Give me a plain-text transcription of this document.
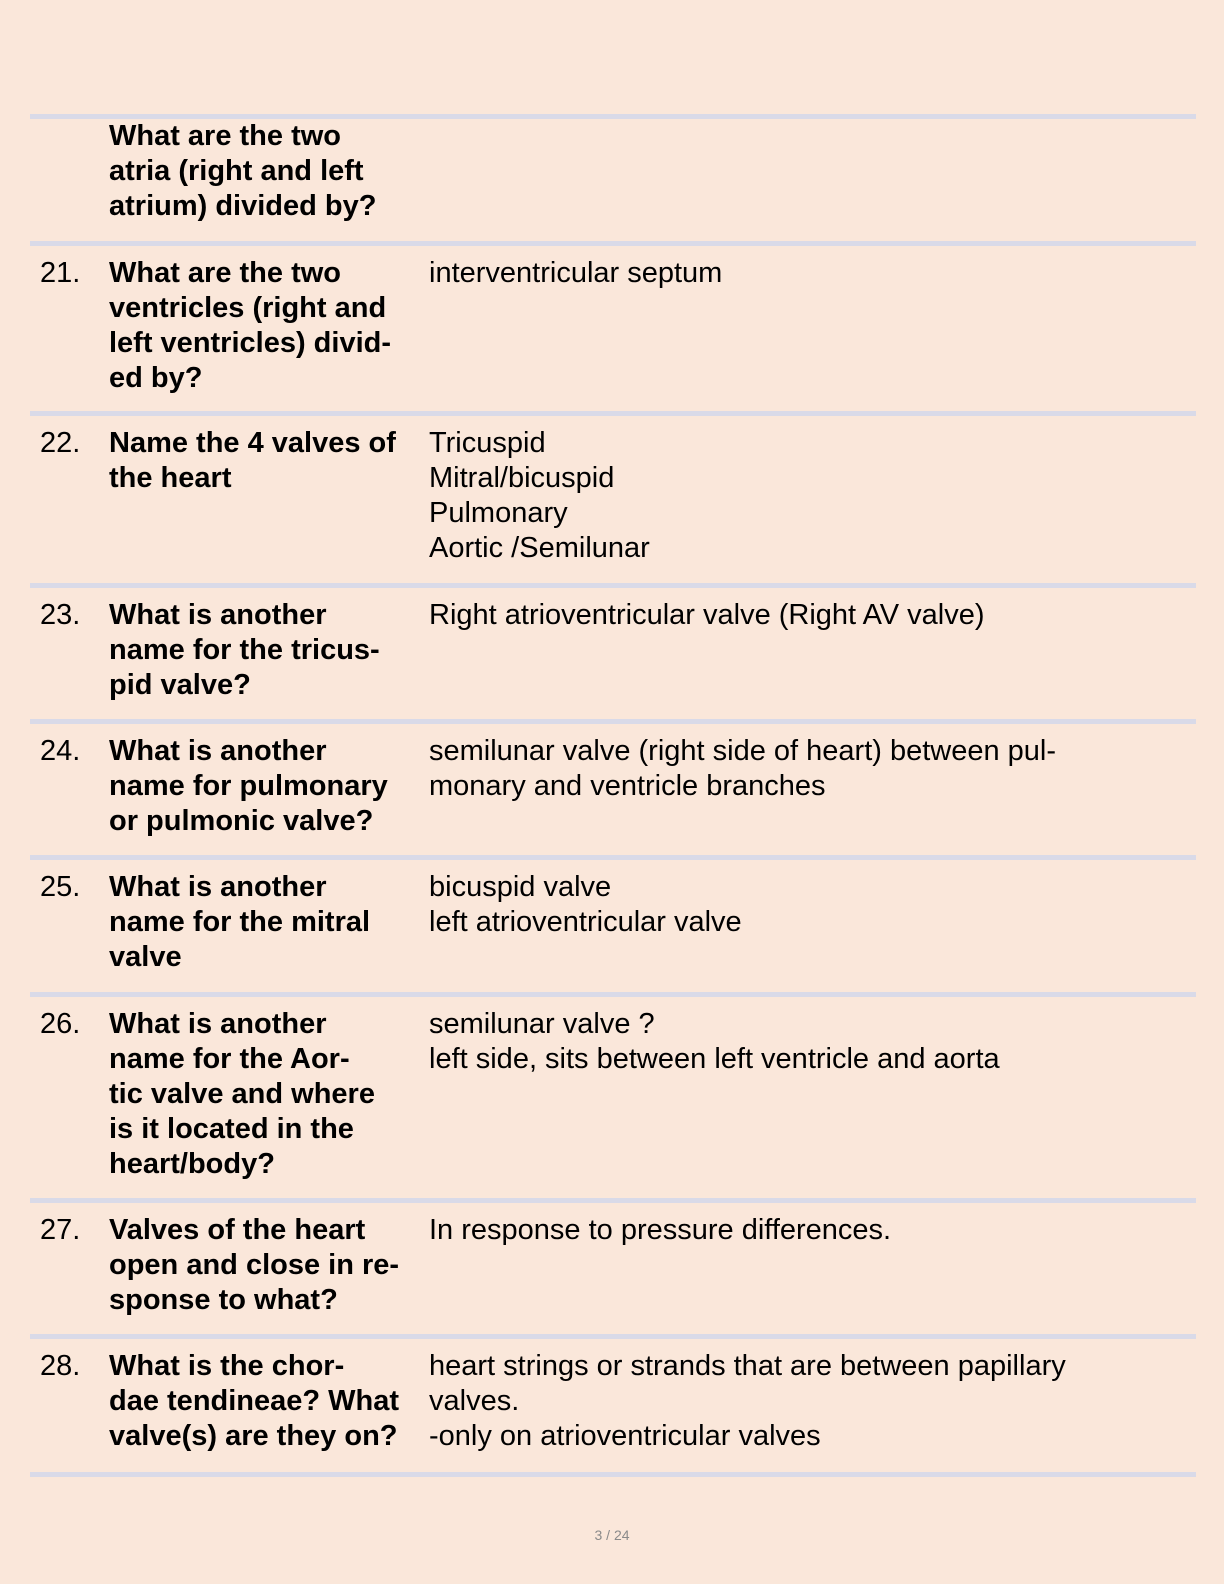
What are the two
atria (right and left
atrium) divided by?
21. What are the two
ventricles (right and
left ventricles) divid-
ed by?
interventricular septum
22. Name the 4 valves of
the heart
Tricuspid
Mitral/bicuspid
Pulmonary
Aortic /Semilunar
23. What is another
name for the tricus-
pid valve?
Right atrioventricular valve (Right AV valve)
24. What is another
name for pulmonary
or pulmonic valve?
semilunar valve (right side of heart) between pul-
monary and ventricle branches
25. What is another
name for the mitral
valve
bicuspid valve
left atrioventricular valve
26. What is another
name for the Aor-
tic valve and where
is it located in the
heart/body?
semilunar valve ?
left side, sits between left ventricle and aorta
27. Valves of the heart
open and close in re-
sponse to what?
In response to pressure differences.
28. What is the chor-
dae tendineae? What
valve(s) are they on?
heart strings or strands that are between papillary
valves.
-only on atrioventricular valves
3 / 24
